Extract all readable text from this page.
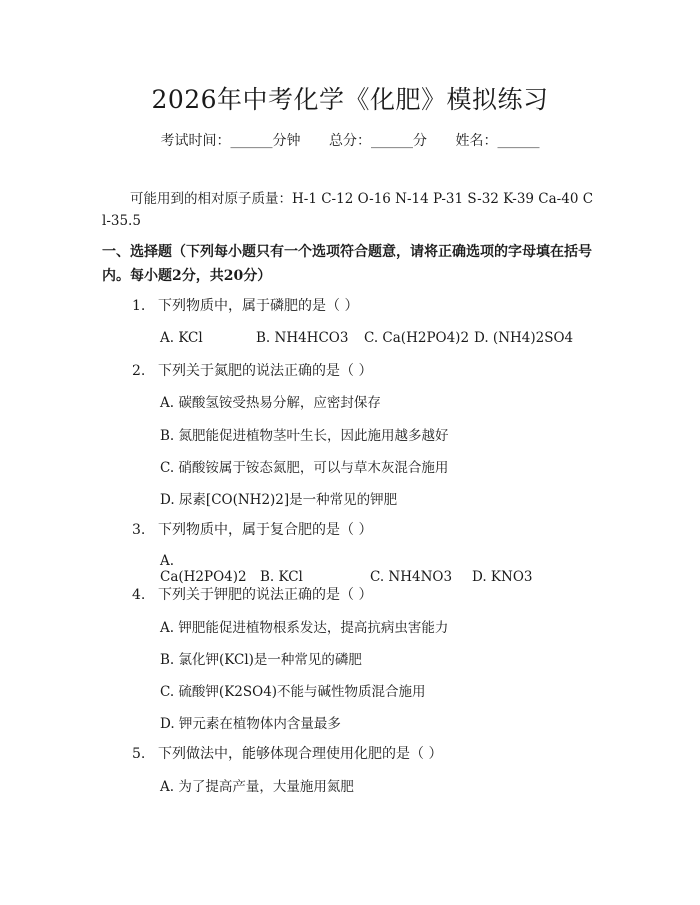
2026年中考化学《化肥》模拟练习
考试时间：______分钟 总分：______分 姓名：______
可能用到的相对原子质量：H-1 C-12 O-16 N-14 P-31 S-32 K-39 Ca-40 Cl-35.5
一、选择题（下列每小题只有一个选项符合题意，请将正确选项的字母填在括号内。每小题2分，共20分）
1. 下列物质中，属于磷肥的是（ ）
A. KCl	B. NH4HCO3 C. Ca(H2PO4)2 D. (NH4)2SO4
2. 下列关于氮肥的说法正确的是（ ）
A. 碳酸氢铵受热易分解，应密封保存
B. 氮肥能促进植物茎叶生长，因此施用越多越好
C. 硝酸铵属于铵态氮肥，可以与草木灰混合施用
D. 尿素[CO(NH2)2]是一种常见的钾肥
3. 下列物质中，属于复合肥的是（ ）
A. Ca(H2PO4)2 B. KCl	C. NH4NO3 D. KNO3
4. 下列关于钾肥的说法正确的是（ ）
A. 钾肥能促进植物根系发达，提高抗病虫害能力
B. 氯化钾(KCl)是一种常见的磷肥
C. 硫酸钾(K2SO4)不能与碱性物质混合施用
D. 钾元素在植物体内含量最多
5. 下列做法中，能够体现合理使用化肥的是（ ）
A. 为了提高产量，大量施用氮肥
